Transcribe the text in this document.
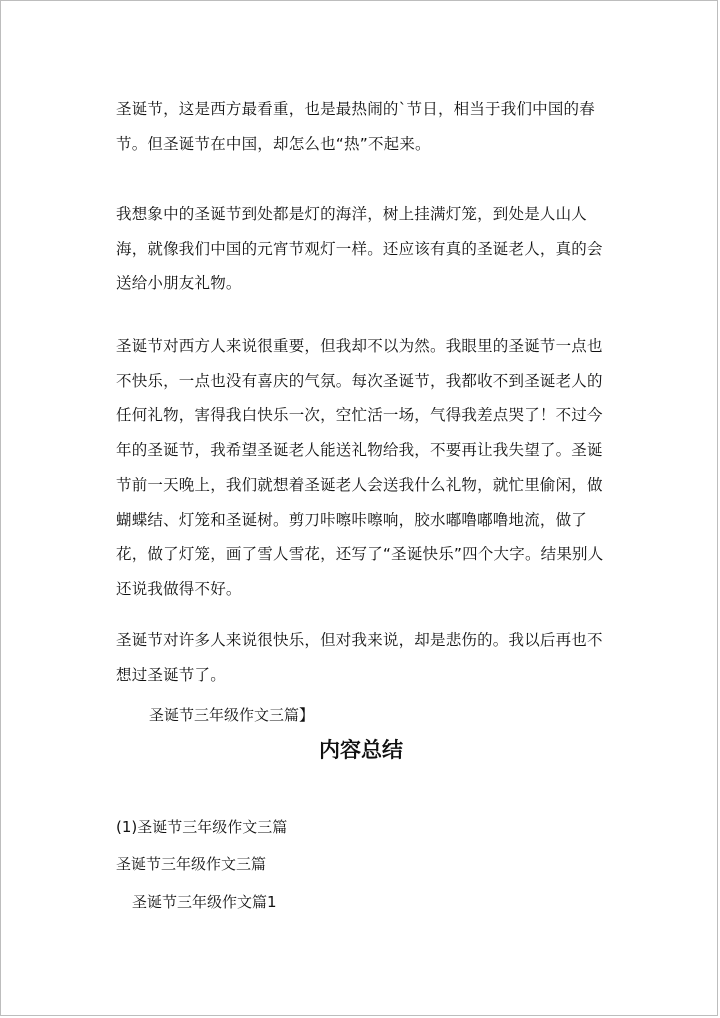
圣诞节，这是西方最看重，也是最热闹的`节日，相当于我们中国的春节。但圣诞节在中国，却怎么也“热”不起来。

我想象中的圣诞节到处都是灯的海洋，树上挂满灯笼，到处是人山人海，就像我们中国的元宵节观灯一样。还应该有真的圣诞老人，真的会送给小朋友礼物。

圣诞节对西方人来说很重要，但我却不以为然。我眼里的圣诞节一点也不快乐，一点也没有喜庆的气氛。每次圣诞节，我都收不到圣诞老人的任何礼物，害得我白快乐一次，空忙活一场，气得我差点哭了！不过今年的圣诞节，我希望圣诞老人能送礼物给我，不要再让我失望了。圣诞节前一天晚上，我们就想着圣诞老人会送我什么礼物，就忙里偷闲，做蝴蝶结、灯笼和圣诞树。剪刀咔嚓咔嚓响，胶水嘟噜嘟噜地流，做了花，做了灯笼，画了雪人雪花，还写了“圣诞快乐”四个大字。结果别人还说我做得不好。

圣诞节对许多人来说很快乐，但对我来说，却是悲伤的。我以后再也不想过圣诞节了。

圣诞节三年级作文三篇】

内容总结

(1)圣诞节三年级作文三篇

圣诞节三年级作文三篇

圣诞节三年级作文篇1
